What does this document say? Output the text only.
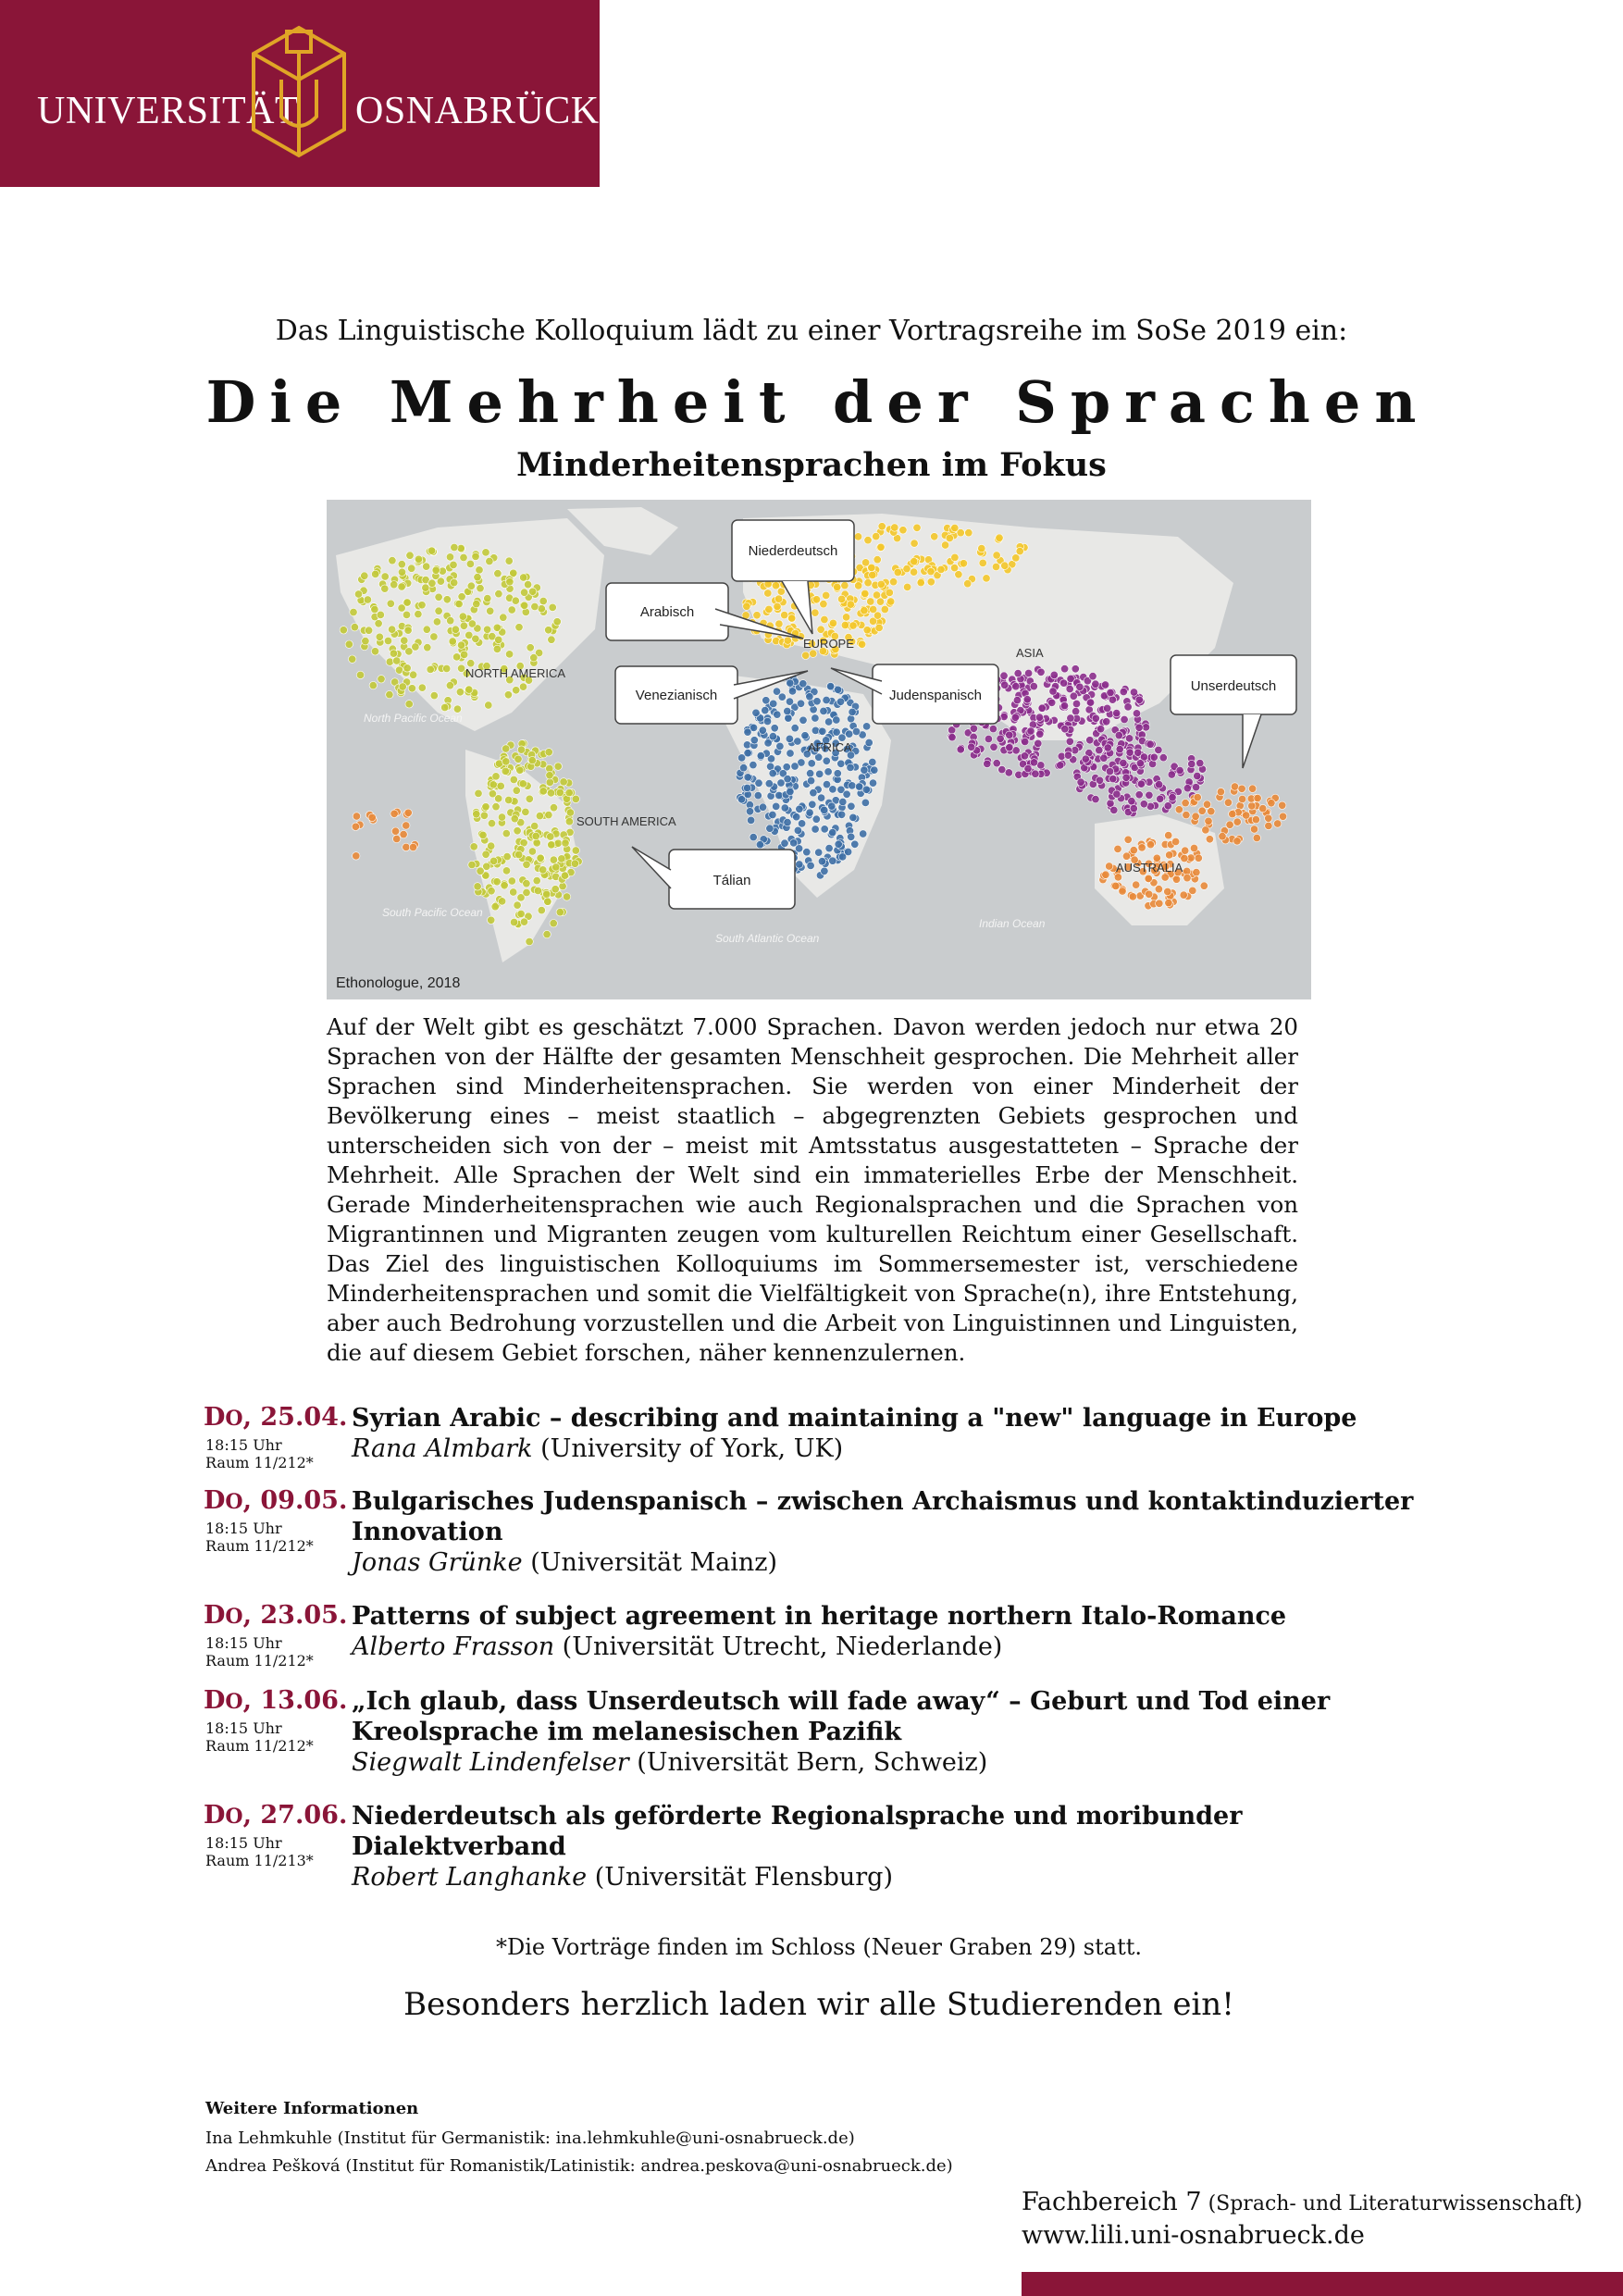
UNIVERSITÄT OSNABRÜCK
Das Linguistische Kolloquium lädt zu einer Vortragsreihe im SoSe 2019 ein:
Die Mehrheit der Sprachen
Minderheitensprachen im Fokus
NORTH AMERICA
SOUTH AMERICA
EUROPE
AFRICA
ASIA
AUSTRALIA
North Pacific Ocean
South Pacific Ocean
South Atlantic Ocean
Indian Ocean
Niederdeutsch
Arabisch
Venezianisch	Judenspanisch
Unserdeutsch
Tálian
Ethonologue, 2018
Auf der Welt gibt es geschätzt 7.000 Sprachen. Davon werden jedoch nur etwa 20 Sprachen von der Hälfte der gesamten Menschheit gesprochen. Die Mehrheit aller Sprachen sind Minderheitensprachen. Sie werden von einer Minderheit der Bevölkerung eines – meist staatlich – abgegrenzten Gebiets gesprochen und unterscheiden sich von der – meist mit Amtsstatus ausgestatteten – Sprache der Mehrheit. Alle Sprachen der Welt sind ein immaterielles Erbe der Menschheit. Gerade Minderheitensprachen wie auch Regionalsprachen und die Sprachen von Migrantinnen und Migranten zeugen vom kulturellen Reichtum einer Gesellschaft. Das Ziel des linguistischen Kolloquiums im Sommersemester ist, verschiedene Minderheitensprachen und somit die Vielfältigkeit von Sprache(n), ihre Entstehung, aber auch Bedrohung vorzustellen und die Arbeit von Linguistinnen und Linguisten, die auf diesem Gebiet forschen, näher kennenzulernen.
DO, 25.04.
18:15 Uhr
Raum 11/212*
Syrian Arabic – describing and maintaining a "new" language in Europe
Rana Almbark (University of York, UK)
DO, 09.05.
18:15 Uhr
Raum 11/212*
Bulgarisches Judenspanisch – zwischen Archaismus und kontaktinduzierter Innovation
Jonas Grünke (Universität Mainz)
DO, 23.05.
18:15 Uhr
Raum 11/212*
Patterns of subject agreement in heritage northern Italo-Romance
Alberto Frasson (Universität Utrecht, Niederlande)
DO, 13.06.
18:15 Uhr
Raum 11/212*
„Ich glaub, dass Unserdeutsch will fade away“ – Geburt und Tod einer Kreolsprache im melanesischen Pazifik
Siegwalt Lindenfelser (Universität Bern, Schweiz)
DO, 27.06.
18:15 Uhr
Raum 11/213*
Niederdeutsch als geförderte Regionalsprache und moribunder Dialektverband
Robert Langhanke (Universität Flensburg)
*Die Vorträge finden im Schloss (Neuer Graben 29) statt.
Besonders herzlich laden wir alle Studierenden ein!
Weitere Informationen
Ina Lehmkuhle (Institut für Germanistik: ina.lehmkuhle@uni-osnabrueck.de)
Andrea Pešková (Institut für Romanistik/Latinistik: andrea.peskova@uni-osnabrueck.de)
Fachbereich 7 (Sprach- und Literaturwissenschaft)
www.lili.uni-osnabrueck.de
